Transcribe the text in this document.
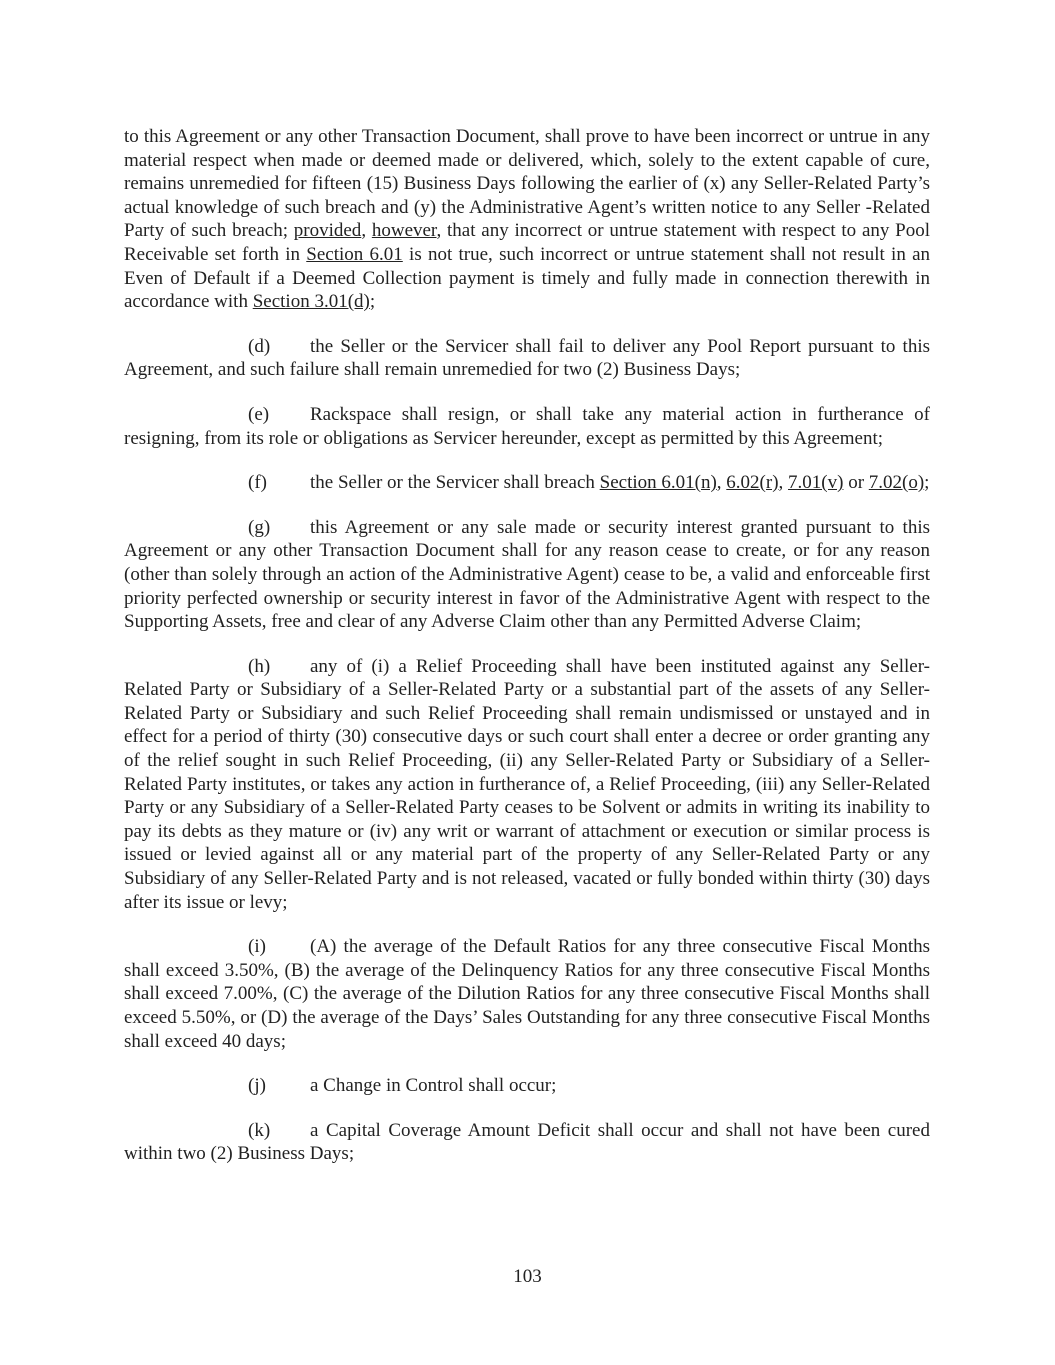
to this Agreement or any other Transaction Document, shall prove to have been incorrect or untrue in any material respect when made or deemed made or delivered, which, solely to the extent capable of cure, remains unremedied for fifteen (15) Business Days following the earlier of (x) any Seller-Related Party’s actual knowledge of such breach and (y) the Administrative Agent’s written notice to any Seller -Related Party of such breach; provided, however, that any incorrect or untrue statement with respect to any Pool Receivable set forth in Section 6.01 is not true, such incorrect or untrue statement shall not result in an Even of Default if a Deemed Collection payment is timely and fully made in connection therewith in accordance with Section 3.01(d);

(d) the Seller or the Servicer shall fail to deliver any Pool Report pursuant to this Agreement, and such failure shall remain unremedied for two (2) Business Days;

(e) Rackspace shall resign, or shall take any material action in furtherance of resigning, from its role or obligations as Servicer hereunder, except as permitted by this Agreement;

(f) the Seller or the Servicer shall breach Section 6.01(n), 6.02(r), 7.01(v) or 7.02(o);

(g) this Agreement or any sale made or security interest granted pursuant to this Agreement or any other Transaction Document shall for any reason cease to create, or for any reason (other than solely through an action of the Administrative Agent) cease to be, a valid and enforceable first priority perfected ownership or security interest in favor of the Administrative Agent with respect to the Supporting Assets, free and clear of any Adverse Claim other than any Permitted Adverse Claim;

(h) any of (i) a Relief Proceeding shall have been instituted against any Seller-Related Party or Subsidiary of a Seller-Related Party or a substantial part of the assets of any Seller-Related Party or Subsidiary and such Relief Proceeding shall remain undismissed or unstayed and in effect for a period of thirty (30) consecutive days or such court shall enter a decree or order granting any of the relief sought in such Relief Proceeding, (ii) any Seller-Related Party or Subsidiary of a Seller-Related Party institutes, or takes any action in furtherance of, a Relief Proceeding, (iii) any Seller-Related Party or any Subsidiary of a Seller-Related Party ceases to be Solvent or admits in writing its inability to pay its debts as they mature or (iv) any writ or warrant of attachment or execution or similar process is issued or levied against all or any material part of the property of any Seller-Related Party or any Subsidiary of any Seller-Related Party and is not released, vacated or fully bonded within thirty (30) days after its issue or levy;

(i) (A) the average of the Default Ratios for any three consecutive Fiscal Months shall exceed 3.50%, (B) the average of the Delinquency Ratios for any three consecutive Fiscal Months shall exceed 7.00%, (C) the average of the Dilution Ratios for any three consecutive Fiscal Months shall exceed 5.50%, or (D) the average of the Days’ Sales Outstanding for any three consecutive Fiscal Months shall exceed 40 days;

(j) a Change in Control shall occur;

(k) a Capital Coverage Amount Deficit shall occur and shall not have been cured within two (2) Business Days;

103
